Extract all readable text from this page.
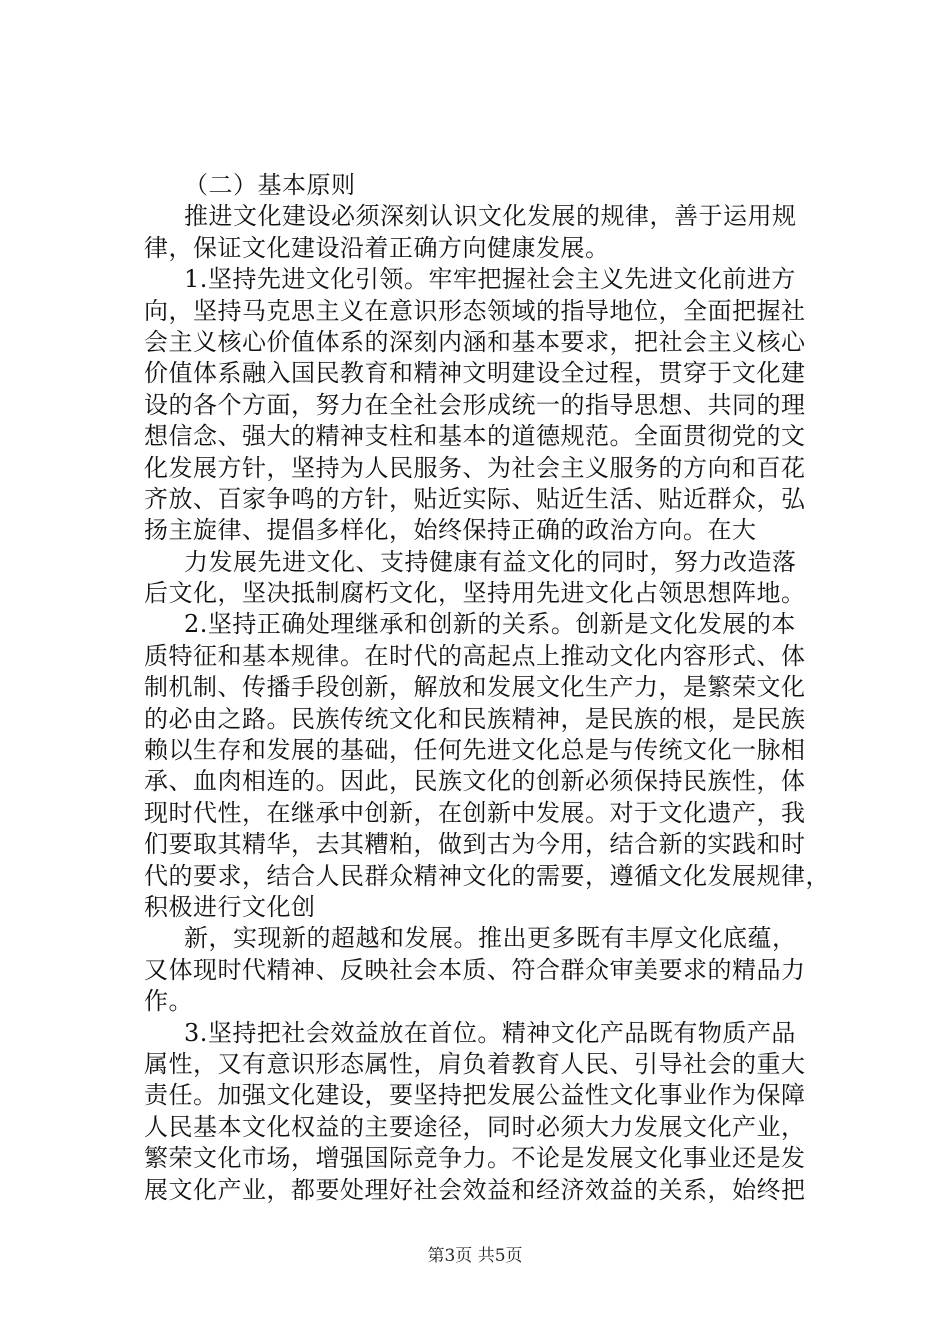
（二）基本原则
推进文化建设必须深刻认识文化发展的规律，善于运用规
律，保证文化建设沿着正确方向健康发展。
1.坚持先进文化引领。牢牢把握社会主义先进文化前进方
向，坚持马克思主义在意识形态领域的指导地位，全面把握社
会主义核心价值体系的深刻内涵和基本要求，把社会主义核心
价值体系融入国民教育和精神文明建设全过程，贯穿于文化建
设的各个方面，努力在全社会形成统一的指导思想、共同的理
想信念、强大的精神支柱和基本的道德规范。全面贯彻党的文
化发展方针，坚持为人民服务、为社会主义服务的方向和百花
齐放、百家争鸣的方针，贴近实际、贴近生活、贴近群众，弘
扬主旋律、提倡多样化，始终保持正确的政治方向。在大
力发展先进文化、支持健康有益文化的同时，努力改造落
后文化，坚决抵制腐朽文化，坚持用先进文化占领思想阵地。
2.坚持正确处理继承和创新的关系。创新是文化发展的本
质特征和基本规律。在时代的高起点上推动文化内容形式、体
制机制、传播手段创新，解放和发展文化生产力，是繁荣文化
的必由之路。民族传统文化和民族精神，是民族的根，是民族
赖以生存和发展的基础，任何先进文化总是与传统文化一脉相
承、血肉相连的。因此，民族文化的创新必须保持民族性，体
现时代性，在继承中创新，在创新中发展。对于文化遗产，我
们要取其精华，去其糟粕，做到古为今用，结合新的实践和时
代的要求，结合人民群众精神文化的需要，遵循文化发展规律，
积极进行文化创
新，实现新的超越和发展。推出更多既有丰厚文化底蕴，
又体现时代精神、反映社会本质、符合群众审美要求的精品力
作。
3.坚持把社会效益放在首位。精神文化产品既有物质产品
属性，又有意识形态属性，肩负着教育人民、引导社会的重大
责任。加强文化建设，要坚持把发展公益性文化事业作为保障
人民基本文化权益的主要途径，同时必须大力发展文化产业，
繁荣文化市场，增强国际竞争力。不论是发展文化事业还是发
展文化产业，都要处理好社会效益和经济效益的关系，始终把
第3页 共5页
